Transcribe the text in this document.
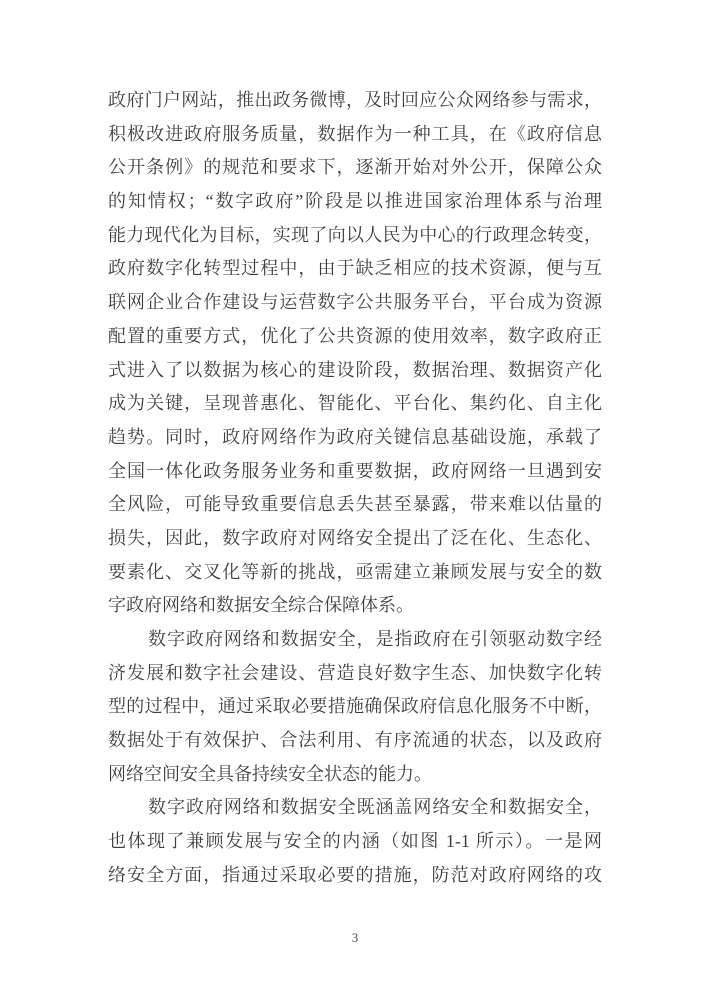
政府门户网站，推出政务微博，及时回应公众网络参与需求，
积极改进政府服务质量，数据作为一种工具，在《政府信息
公开条例》的规范和要求下，逐渐开始对外公开，保障公众
的知情权；“数字政府”阶段是以推进国家治理体系与治理
能力现代化为目标，实现了向以人民为中心的行政理念转变，
政府数字化转型过程中，由于缺乏相应的技术资源，便与互
联网企业合作建设与运营数字公共服务平台，平台成为资源
配置的重要方式，优化了公共资源的使用效率，数字政府正
式进入了以数据为核心的建设阶段，数据治理、数据资产化
成为关键，呈现普惠化、智能化、平台化、集约化、自主化
趋势。同时，政府网络作为政府关键信息基础设施，承载了
全国一体化政务服务业务和重要数据，政府网络一旦遇到安
全风险，可能导致重要信息丢失甚至暴露，带来难以估量的
损失，因此，数字政府对网络安全提出了泛在化、生态化、
要素化、交叉化等新的挑战，亟需建立兼顾发展与安全的数
字政府网络和数据安全综合保障体系。
数字政府网络和数据安全，是指政府在引领驱动数字经
济发展和数字社会建设、营造良好数字生态、加快数字化转
型的过程中，通过采取必要措施确保政府信息化服务不中断，
数据处于有效保护、合法利用、有序流通的状态，以及政府
网络空间安全具备持续安全状态的能力。
数字政府网络和数据安全既涵盖网络安全和数据安全，
也体现了兼顾发展与安全的内涵（如图 1-1 所示）。一是网
络安全方面，指通过采取必要的措施，防范对政府网络的攻
3
